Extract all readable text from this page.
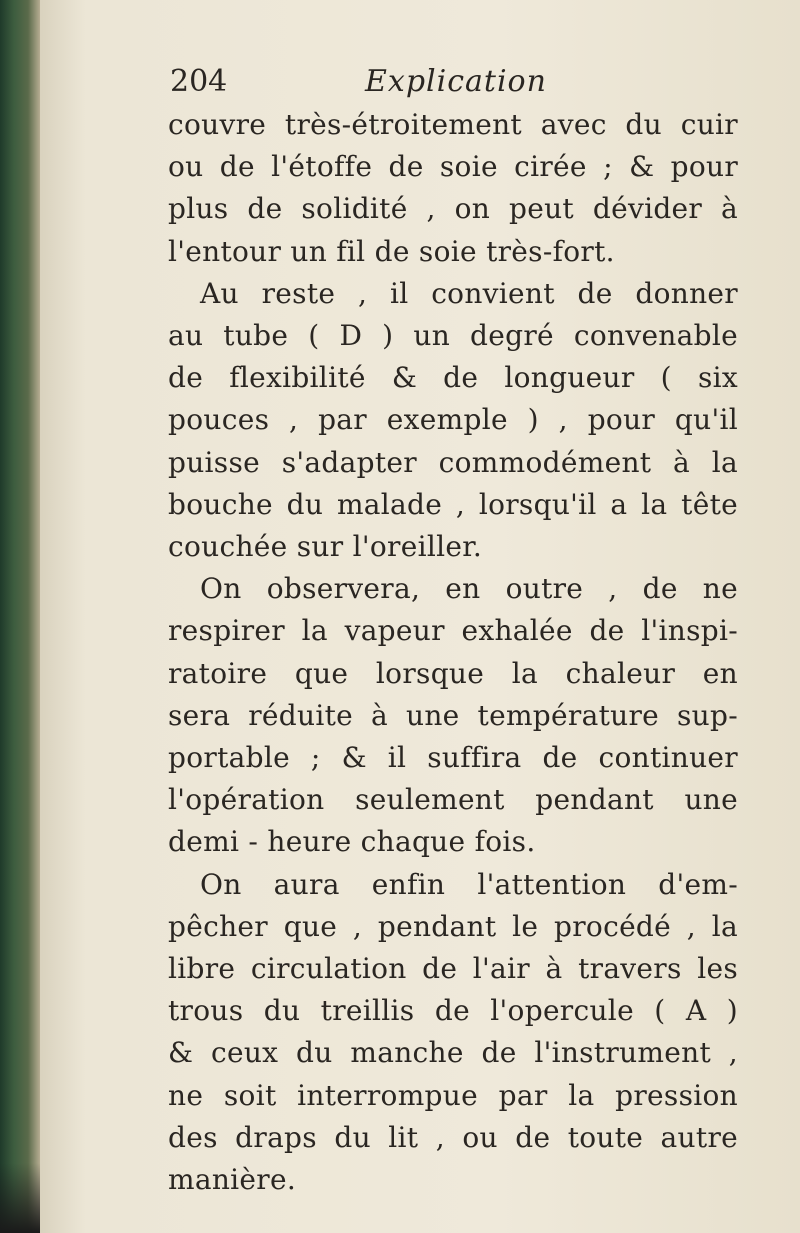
204	Explication
couvre très-étroitement avec du cuir
ou de l'étoffe de soie cirée ; & pour
plus de solidité , on peut dévider à
l'entour un fil de soie très-fort.
Au reste , il convient de donner
au tube ( D ) un degré convenable
de flexibilité & de longueur ( six
pouces , par exemple ) , pour qu'il
puisse s'adapter commodément à la
bouche du malade , lorsqu'il a la tête
couchée sur l'oreiller.
On observera, en outre , de ne
respirer la vapeur exhalée de l'inspi-
ratoire que lorsque la chaleur en
sera réduite à une température sup-
portable ; & il suffira de continuer
l'opération seulement pendant une
demi - heure chaque fois.
On aura enfin l'attention d'em-
pêcher que , pendant le procédé , la
libre circulation de l'air à travers les
trous du treillis de l'opercule ( A )
& ceux du manche de l'instrument ,
ne soit interrompue par la pression
des draps du lit , ou de toute autre
manière.
